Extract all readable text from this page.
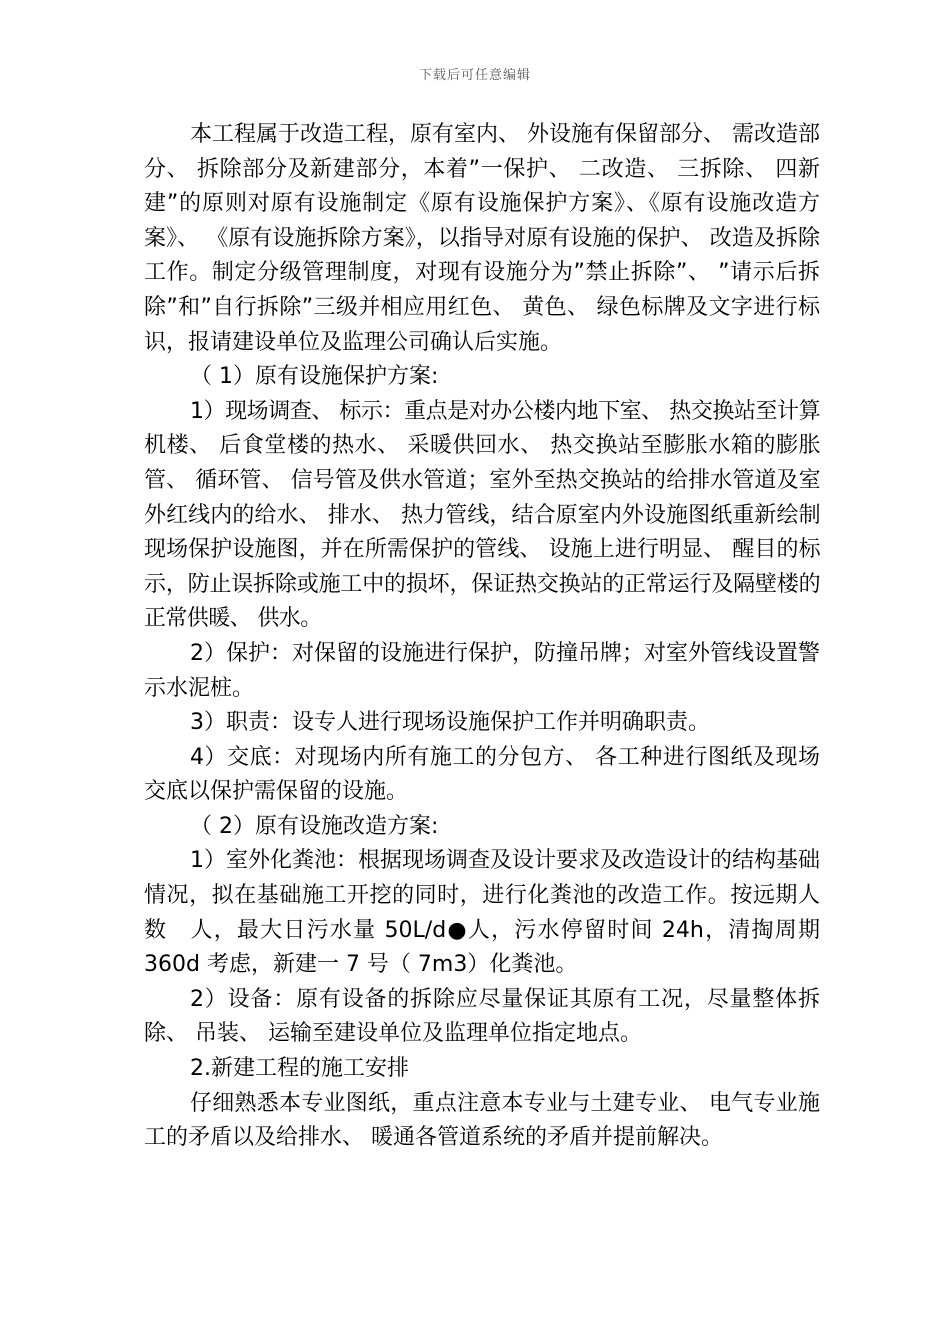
下载后可任意编辑

本工程属于改造工程，原有室内、 外设施有保留部分、 需改造部分、 拆除部分及新建部分，本着”一保护、 二改造、 三拆除、 四新建”的原则对原有设施制定《原有设施保护方案》、《原有设施改造方案》、 《原有设施拆除方案》，以指导对原有设施的保护、 改造及拆除工作。制定分级管理制度，对现有设施分为”禁止拆除”、 ”请示后拆除”和”自行拆除”三级并相应用红色、 黄色、 绿色标牌及文字进行标识，报请建设单位及监理公司确认后实施。

（ 1）原有设施保护方案:

1）现场调查、 标示：重点是对办公楼内地下室、 热交换站至计算机楼、 后食堂楼的热水、 采暖供回水、 热交换站至膨胀水箱的膨胀管、 循环管、 信号管及供水管道；室外至热交换站的给排水管道及室外红线内的给水、 排水、 热力管线，结合原室内外设施图纸重新绘制现场保护设施图，并在所需保护的管线、 设施上进行明显、 醒目的标示，防止误拆除或施工中的损坏，保证热交换站的正常运行及隔壁楼的正常供暖、 供水。

2）保护：对保留的设施进行保护，防撞吊牌；对室外管线设置警示水泥桩。

3）职责：设专人进行现场设施保护工作并明确职责。

4）交底：对现场内所有施工的分包方、 各工种进行图纸及现场交底以保护需保留的设施。

（ 2）原有设施改造方案:

1）室外化粪池：根据现场调查及设计要求及改造设计的结构基础情况，拟在基础施工开挖的同时，进行化粪池的改造工作。按远期人数　人，最大日污水量 50L/d●人，污水停留时间 24h，清掏周期 360d 考虑，新建一 7 号（ 7m3）化粪池。

2）设备：原有设备的拆除应尽量保证其原有工况，尽量整体拆除、 吊装、 运输至建设单位及监理单位指定地点。

2.新建工程的施工安排

仔细熟悉本专业图纸，重点注意本专业与土建专业、 电气专业施工的矛盾以及给排水、 暖通各管道系统的矛盾并提前解决。
